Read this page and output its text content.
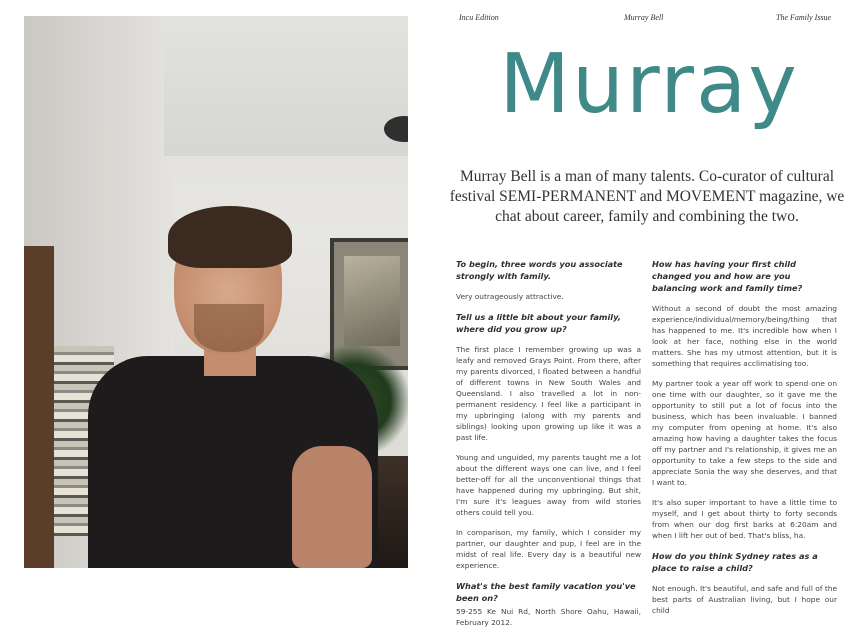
Incu Edition	Murray Bell	The Family Issue
Murray
Murray Bell is a man of many talents. Co-curator of cultural festival SEMI-PERMANENT and MOVEMENT magazine, we chat about career, family and combining the two.

To begin, three words you associate strongly with family.

Very outrageously attractive.

Tell us a little bit about your family, where did you grow up?

The first place I remember growing up was a leafy and removed Grays Point. From there, after my parents divorced, I floated between a handful of different towns in New South Wales and Queensland. I also travelled a lot in non-permanent residency. I feel like a participant in my upbringing (along with my parents and siblings) looking upon growing up like it was a past life.

Young and unguided, my parents taught me a lot about the different ways one can live, and I feel better-off for all the unconventional things that have happened during my upbringing. But shit, I'm sure it's leagues away from wild stories others could tell you.

In comparison, my family, which I consider my partner, our daughter and pup, I feel are in the midst of real life. Every day is a beautiful new experience.

What's the best family vacation you've been on?

59-255 Ke Nui Rd, North Shore Oahu, Hawaii, February 2012.

How has having your first child changed you and how are you balancing work and family time?

Without a second of doubt the most amazing experience/individual/memory/being/thing that has happened to me. It's incredible how when I look at her face, nothing else in the world matters. She has my utmost attention, but it is something that requires acclimatising too.

My partner took a year off work to spend one on one time with our daughter, so it gave me the opportunity to still put a lot of focus into the business, which has been invaluable. I banned my computer from opening at home. It's also amazing how having a daughter takes the focus off my partner and I's relationship, it gives me an opportunity to take a few steps to the side and appreciate Sonia the way she deserves, and that I want to.

It's also super important to have a little time to myself, and I get about thirty to forty seconds from when our dog first barks at 6:20am and when I lift her out of bed. That's bliss, ha.

How do you think Sydney rates as a place to raise a child?

Not enough. It's beautiful, and safe and full of the best parts of Australian living, but I hope our child
